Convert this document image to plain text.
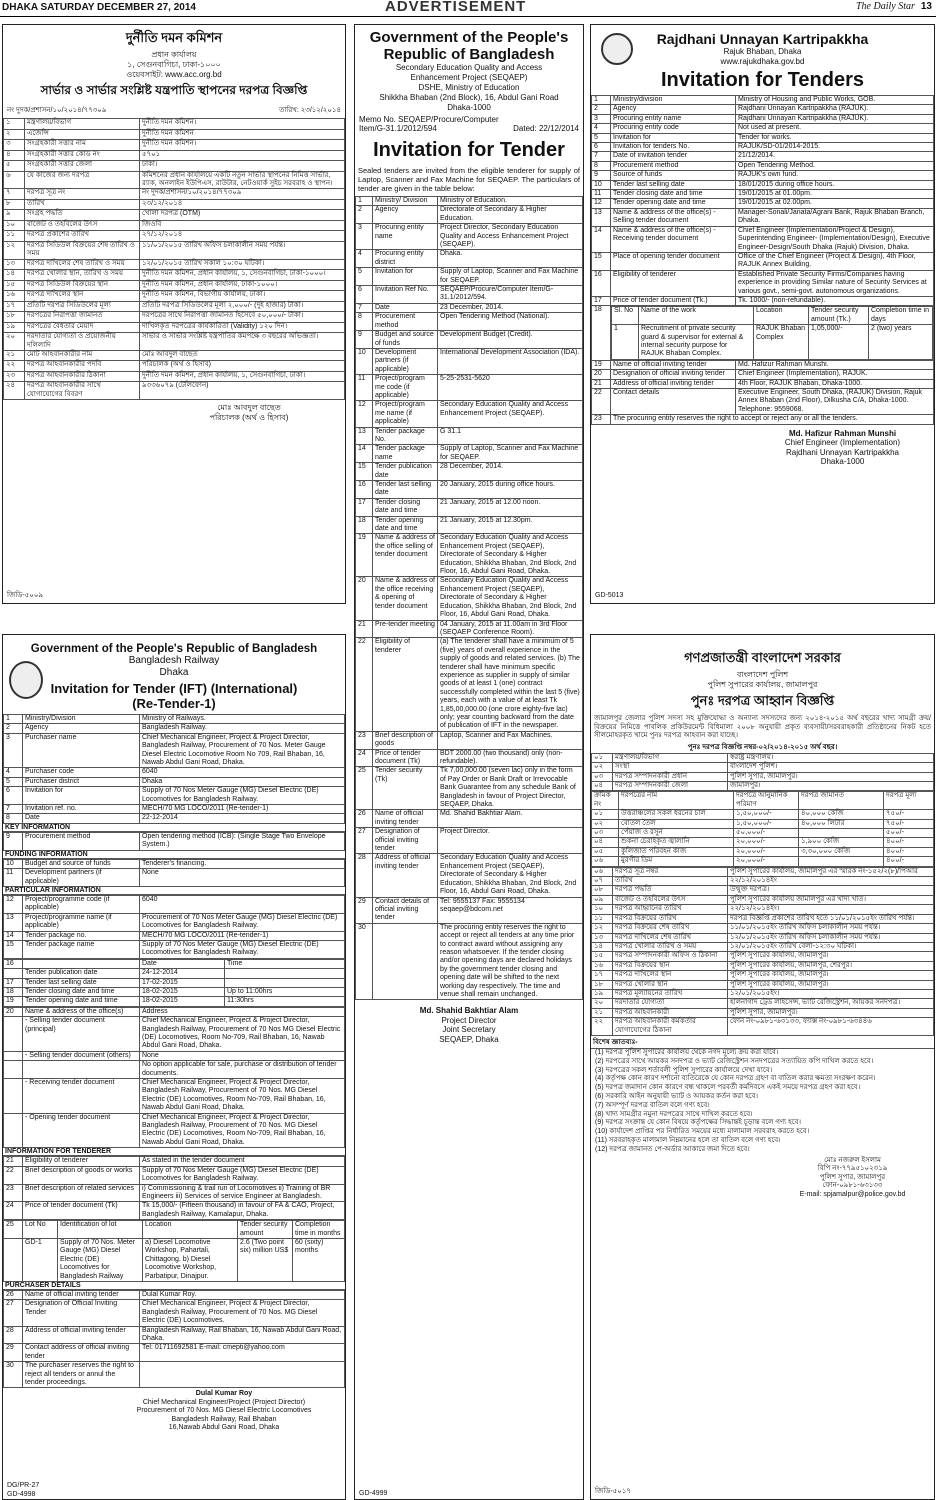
DHAKA SATURDAY DECEMBER 27, 2014	ADVERTISEMENT	The Daily Star 13
দুর্নীতি দমন কমিশন
প্রধান কার্যালয়
১, সেগুনবাগিচা, ঢাকা-১০০০
ওয়েবসাইট: www.acc.org.bd
সার্ভার ও সার্ভার সংশ্লিষ্ট যন্ত্রপাতি স্থাপনের দরপত্র বিজ্ঞপ্তি
নং দুদক/প্রশাসন/১০/২০১৪/৭৭৩০৯	তারিখ: ২৩/১২/২০১৪
১	মন্ত্রণালয়/বিভাগ	দুর্নীতি দমন কমিশন।
২	এজেন্সি	দুর্নীতি দমন কমিশন
৩	সংগ্রহকারী সত্তার নাম	দুর্নীতি দমন কমিশন।
৪	সংগ্রহকারী সত্তার কোড নং	৫৭০১
৫	সংগ্রহকারী সত্তার জেলা	ঢাকা।
৬	যে কাজের জন্য দরপত্র	কমিশনের প্রধান কার্যালয়ে একটি নতুন সার্ভার স্থাপনের নিমিত্ত সার্ভার, র‍্যাক, অনলাইন ইউপিএস, রাউটার, নেটওয়ার্ক সুইচ সরবরাহ ও স্থাপন।
৭	দরপত্র সূত্র নং	নং দুদক/প্রশাসন/১০/২০১৪/৭৭৩০৯
৮	তারিখ	২৩/১২/২০১৪
৯	সংগ্রহ পদ্ধতি	খোলা দরপত্র (OTM)
১০	বাজেট ও তহবিলের উৎস	জিওবি
১১	দরপত্র প্রকাশের তারিখ	২৭/১২/২০১৪
১২	দরপত্র সিডিউল বিক্রয়ের শেষ তারিখ ও সময়	১১/০১/২০১৫ তারিখ অফিস চলাকালীন সময় পর্যন্ত।
১৩	দরপত্র দাখিলের শেষ তারিখ ও সময়	১২/০১/২০১৫ তারিখ সকাল ১০:৩০ ঘটিকা।
১৪	দরপত্র খোলার স্থান, তারিখ ও সময়	দুর্নীতি দমন কমিশন, প্রধান কার্যালয়, ১, সেগুনবাগিচা, ঢাকা-১০০০।
১৫	দরপত্র সিডিউল বিক্রয়ের স্থান	দুর্নীতি দমন কমিশন, প্রধান কার্যালয়, ঢাকা-১০০০।
১৬	দরপত্র দাখিলের স্থান	দুর্নীতি দমন কমিশন, বিভাগীয় কার্যালয়, ঢাকা।
১৭	প্রতিটি দরপত্র সিডিউলের মূল্য	প্রতিটি দরপত্র সিডিউলের মূল্য ২,০০০/- (দুই হাজার) টাকা।
১৮	দরপত্রের নিরাপত্তা জামানত	দরপত্রের সাথে নিরাপত্তা জামানত হিসেবে ৫০,০০০/- টাকা।
১৯	দরপত্রের বৈধতার মেয়াদ	দাখিলকৃত দরপত্রের কার্যকারিতা (Validity) ১২০ দিন।
২০	দরদাতার যোগ্যতা ও প্রয়োজনীয় দলিলাদি	সার্ভার ও সার্ভার সংশ্লিষ্ট যন্ত্রপাতির কমপক্ষে ৩ বছরের অভিজ্ঞতা।
২১	মোট আহবানকারীর নাম	মোঃ আবদুল বাছেত
২২	দরপত্র আহবানকারীর পদবি	পরিচালক (অর্থ ও হিসাব)
২৩	দরপত্র আহবানকারীর ঠিকানা	দুর্নীতি দমন কমিশন, প্রধান কার্যালয়, ১, সেগুনবাগিচা, ঢাকা।
২৪	দরপত্র আহবানকারীর সাথে যোগাযোগের বিবরণ	৯৩৩৬০৭৯ (টেলিফোন)
মোঃ আবদুল বাছেত
পরিচালক (অর্থ ও হিসাব)
জিডি-৫০০৯
Government of the People's
Republic of Bangladesh
Secondary Education Quality and Access
Enhancement Project (SEQAEP)
DSHE, Ministry of Education
Shikkha Bhaban (2nd Block), 16, Abdul Gani Road
Dhaka-1000
Memo No. SEQAEP/Procure/Computer
Item/G-31.1/2012/594	Dated: 22/12/2014
Invitation for Tender
Sealed tenders are invited from the eligible tenderer for supply of Laptop, Scanner and Fax Machine for SEQAEP. The particulars of tender are given in the table below:
1	Ministry/ Division	Ministry of Education.
2	Agency	Directorate of Secondary & Higher Education.
3	Procuring entity name	Project Director, Secondary Education Quality and Access Enhancement Project (SEQAEP).
4	Procuring entity district	Dhaka.
5	Invitation for	Supply of Laptop, Scanner and Fax Machine for SEQAEP.
6	Invitation Ref No.	SEQAEP/Procure/Computer Item/G-31.1/2012/594.
7	Date	23 December, 2014.
8	Procurement method	Open Tendering Method (National).
9	Budget and source of funds	Development Budget (Credit).
10	Development partners (if applicable)	International Development Association (IDA).
11	Project/program me code (if applicable)	5-25-2531-5620
12	Project/program me name (if applicable)	Secondary Education Quality and Access Enhancement Project (SEQAEP).
13	Tender package No.	G 31.1
14	Tender package name	Supply of Laptop, Scanner and Fax Machine for SEQAEP.
15	Tender publication date	28 December, 2014.
16	Tender last selling date	20 January, 2015 during office hours.
17	Tender closing date and time	21 January, 2015 at 12.00 noon.
18	Tender opening date and time	21 January, 2015 at 12.30pm.
19	Name & address of the office selling of tender document	Secondary Education Quality and Access Enhancement Project (SEQAEP), Directorate of Secondary & Higher Education, Shikkha Bhaban, 2nd Block, 2nd Floor, 16, Abdul Gani Road, Dhaka.
20	Name & address of the office receiving & opening of tender document	Secondary Education Quality and Access Enhancement Project (SEQAEP), Directorate of Secondary & Higher Education, Shikkha Bhaban, 2nd Block, 2nd Floor, 16, Abdul Gani Road, Dhaka.
21	Pre-tender meeting	04 January, 2015 at 11.00am in 3rd Floor (SEQAEP Conference Room).
22	Eligibility of tenderer	(a) The tenderer shall have a minimum of 5 (five) years of overall experience in the supply of goods and related services. (b) The tenderer shall have minimum specific experience as supplier in supply of similar goods of at least 1 (one) contract successfully completed within the last 5 (five) years, each with a value of at least Tk 1,85,00,000.00 (one crore eighty-five lac) only; year counting backward from the date of publication of IFT in the newspaper.
23	Brief description of goods	Laptop, Scanner and Fax Machines.
24	Price of tender document (Tk)	BDT 2000.00 (two thousand) only (non-refundable).
25	Tender security (Tk)	Tk 7,00,000.00 (seven lac) only in the form of Pay Order or Bank Draft or Irrevocable Bank Guarantee from any schedule Bank of Bangladesh in favour of Project Director, SEQAEP, Dhaka.
26	Name of official inviting tender	Md. Shahid Bakhtiar Alam.
27	Designation of official inviting tender	Project Director.
28	Address of official inviting tender	Secondary Education Quality and Access Enhancement Project (SEQAEP), Directorate of Secondary & Higher Education, Shikkha Bhaban, 2nd Block, 2nd Floor, 16, Abdul Gani Road, Dhaka.
29	Contact details of official inviting tender	Tel: 9555137 Fax: 9555134 seqaep@bdcom.net
30		The procuring entity reserves the right to accept or reject all tenders at any time prior to contract award without assigning any reason whatsoever. If the tender closing and/or opening days are declared holidays by the government tender closing and opening date will be shifted to the next working day respectively. The time and venue shall remain unchanged.
Md. Shahid Bakhtiar Alam
Project Director
Joint Secretary
SEQAEP, Dhaka
GD-4999
Rajdhani Unnayan Kartripakkha
Rajuk Bhaban, Dhaka
www.rajukdhaka.gov.bd
Invitation for Tenders
1	Ministry/division	Ministry of Housing and Public Works, GOB.
2	Agency	Rajdhani Unnayan Kartripakkha (RAJUK).
3	Procuring entity name	Rajdhani Unnayan Kartripakkha (RAJUK).
4	Procuring entity code	Not used at present.
5	Invitation for	Tender for works.
6	Invitation for tenders No.	RAJUK/SD-01/2014-2015.
7	Date of invitation tender	21/12/2014.
8	Procurement method	Open Tendering Method.
9	Source of funds	RAJUK's own fund.
10	Tender last selling date	18/01/2015 during office hours.
11	Tender closing date and time	19/01/2015 at 01.00pm.
12	Tender opening date and time	19/01/2015 at 02.00pm.
13	Name & address of the office(s) - Selling tender document	Manager-Sonali/Janata/Agrani Bank, Rajuk Bhaban Branch, Dhaka.
14	Name & address of the office(s) - Receiving tender document	Chief Engineer (Implementation/Project & Design), Superintending Engineer- (Implementation/Design), Executive Engineer-Design/South Dhaka (Rajuk) Division, Dhaka.
15	Place of opening tender document	Office of the Chief Engineer (Project & Design), 4th Floor, RAJUK Annex Building.
16	Eligibility of tenderer	Established Private Security Firms/Companies having experience in providing Similar nature of Security Services at various govt., semi-govt. autonomous organizations.
17	Price of tender document (Tk.)	Tk. 1000/- (non-refundable).
18	Sl. No	Name of the work	Location	Tender security amount (Tk.)	Completion time in days
1	Recruitment of private security guard & supervisor for external & internal security purpose for RAJUK Bhaban Complex.	RAJUK Bhaban Complex	1,05,000/-	2 (two) years

19	Name of official inviting tender	Md. Hafizur Rahman Munshi.
20	Designation of official inviting tender	Chief Engineer (Implementation), RAJUK.
21	Address of official inviting tender	4th Floor, RAJUK Bhaban, Dhaka-1000.
22	Contact details	Executive Engineer, South Dhaka, (RAJUK) Division, Rajuk Annex Bhaban (2nd Floor), Dilkusha C/A, Dhaka-1000. Telephone: 9559068.
23	The procuring entity reserves the right to accept or reject any or all the tenders.
Md. Hafizur Rahman Munshi
Chief Engineer (Implementation)
Rajdhani Unnayan Kartripakkha
Dhaka-1000
GD-5013
Government of the People's Republic of Bangladesh
Bangladesh Railway
Dhaka
Invitation for Tender (IFT) (International)
(Re-Tender-1)
1	Ministry/Division	Ministry of Railways.
2	Agency	Bangladesh Railway.
3	Purchaser name	Chief Mechanical Engineer, Project & Project Director, Bangladesh Railway, Procurement of 70 Nos. Meter Gauge Diesel Electric Locomotive Room No 709, Rail Bhaban, 16, Nawab Abdul Gani Road, Dhaka.
4	Purchaser code	6040
5	Purchaser district	Dhaka
6	Invitation for	Supply of 70 Nos Meter Gauge (MG) Diesel Electric (DE) Locomotives for Bangladesh Railway.
7	Invitation ref. no.	MECH/70 MG LOCO/2011 (Re-tender-1)
8	Date	22-12-2014
KEY INFORMATION
9	Procurement method	Open tendering method (ICB): (Single Stage Two Envelope System.)
FUNDING INFORMATION
10	Budget and source of funds	Tenderer's financing.
11	Development partners (if applicable)	None
PARTICULAR INFORMATION
12	Project/programme code (if applicable)	6040
13	Project/programme name (if applicable)	Procurement of 70 Nos Meter Gauge (MG) Diesel Electric (DE) Locomotives for Bangladesh Railway.
14	Tender package no.	MECH/70 MG LOCO/2011 (Re-tender-1)
15	Tender package name	Supply of 70 Nos Meter Gauge (MG) Diesel Electric (DE) Locomotives for Bangladesh Railway.
16		Date	Time
	Tender publication date	24-12-2014	
17	Tender last selling date	17-02-2015	
18	Tender closing date and time	18-02-2015	Up to 11:00hrs
19	Tender opening date and time	18-02-2015	11:30hrs
20	Name & address of the office(s)	Address
	- Selling tender document (principal)	Chief Mechanical Engineer, Project & Project Director, Bangladesh Railway, Procurement of 70 Nos MG Diesel Electric (DE) Locomotives, Room No-709, Rail Bhaban, 16, Nawab Abdul Gani Road, Dhaka.
	- Selling tender document (others)	None
		No option applicable for sale, purchase or distribution of tender documents.
	- Receiving tender document	Chief Mechanical Engineer, Project & Project Director, Bangladesh Railway, Procurement of 70 Nos. MG Diesel Electric (DE) Locomotives, Room No-709, Rail Bhaban, 16, Nawab Abdul Gani Road, Dhaka.
	- Opening tender document	Chief Mechanical Engineer, Project & Project Director, Bangladesh Railway, Procurement of 70 Nos. MG Diesel Electric (DE) Locomotives, Room No-709, Rail Bhaban, 16, Nawab Abdul Gani Road, Dhaka.
INFORMATION FOR TENDERER
21	Eligibility of tenderer	As stated in the tender document
22	Brief description of goods or works	Supply of 70 Nos Meter Gauge (MG) Diesel Electric (DE) Locomotives for Bangladesh Railway.
23	Brief description of related services	i) Commissioning & trail run of Locomotives ii) Training of BR Engineers iii) Services of service Engineer at Bangladesh.
24	Price of tender document (Tk)	Tk 15,000/- (Fifteen thousand) in favour of FA & CAO, Project, Bangladesh Railway, Kamalapur, Dhaka.
25	Lot No	Identification of lot	Location	Tender security amount	Completion time in months
	GD-1	Supply of 70 Nos. Meter Gauge (MG) Diesel Electric (DE) Locomotives for Bangladesh Railway	a) Diesel Locomotive Workshop, Pahartali, Chittagong. b) Diesel Locomotive Workshop, Parbatipur, Dinajpur.	2.6 (Two point six) million US$	60 (sixty) months
PURCHASER DETAILS
26	Name of official inviting tender	Dulal Kumar Roy.
27	Designation of Official Inviting Tender	Chief Mechanical Engineer, Project & Project Director, Bangladesh Railway, Procurement of 70 Nos. MG Diesel Electric (DE) Locomotives.
28	Address of official inviting tender	Bangladesh Railway, Rail Bhaban, 16, Nawab Abdul Gani Road, Dhaka.
29	Contact address of official inviting tender	Tel: 01711692581 E-mail: cmepti@yahoo.com
30	The purchaser reserves the right to reject all tenders or annul the tender proceedings.	
Dulal Kumar Roy
Chief Mechanical Engineer/Project (Project Director)
Procurement of 70 Nos. MG Diesel Electric Locomotives
Bangladesh Railway, Rail Bhaban
16,Nawab Abdul Gani Road, Dhaka
DG/PR-27
GD-4998
গণপ্রজাতন্ত্রী বাংলাদেশ সরকার
বাংলাদেশ পুলিশ
পুলিশ সুপারের কার্যালয়, জামালপুর
পুনঃ দরপত্র আহ্বান বিজ্ঞপ্তি
জামালপুর জেলার পুলিশ সদস্য সহ মুক্তিযোদ্ধা ও অন্যান্য সদস্যদের জন্য ২০১৪-২০১৫ অর্থ বছরের খাদ্য সামগ্রী ক্রয়/বিক্রয়ের নিমিত্তে পাবলিক প্রকিউরমেন্ট বিধিমালা ২০০৮ অনুযায়ী প্রকৃত ব্যবসায়ী/সরবরাহকারী প্রতিষ্ঠানের নিকট হতে সীলমোহরকৃত খামে পুনঃ দরপত্র আহবান করা যাচ্ছে।
পুনঃ দরপত্র বিজ্ঞপ্তি নম্বর-০২/২০১৪-২০১৫ অর্থ বছর।
০১	মন্ত্রণালয়/বিভাগ	স্বরাষ্ট্র মন্ত্রণালয়।
০২	সংস্থা	বাংলাদেশ পুলিশ।
০৩	দরপত্র সম্পাদনকারী প্রধান	পুলিশ সুপার, জামালপুর।
০৪	দরপত্র সম্পাদনকারী জেলা	জামালপুর।
ক্রমিক নং	দরপত্রের নাম	দরপত্রে আনুমানিক পরিমাণ	দরপত্র জামানত	দরপত্র মূল্য
০১	উত্তরাঞ্চলের সকল ধরনের চাল	১,৫০,০০০/-	৪০,০০০ কেজি	৭৫০/-
০২	বোতল তৈল	১,৫০,০০০/-	৪০,০০০ লিটার	৭৫০/-
০৩	পেঁয়াজ ও রসুন	৫০,০০০/-		৫০০/-
০৪	শুকনা চেরাইকৃত জ্বালানি	২০,০০০/-	১,৯০০ কেজি	৪০০/-
০৫	কুলিজাত পরিবহন কাজ	২০,০০০/-	৩,৩০,০০০ কেজি	৪০০/-
০৬	মুরগীর ডিম	২০,০০০/-		৪০০/-
০৬	দরপত্র সূত্র নম্বর	পুলিশ সুপারের কার্যালয়, জামালপুর এর স্মারক নং-১৫২/২(৮)/পিআর
০৭	তারিখ	২২/১২/২০১৪ইং
০৮	দরপত্র পদ্ধতি	উন্মুক্ত দরপত্র।
০৯	বাজেট ও তহবিলের উৎস	পুলিশ সুপারের কার্যালয় জামালপুর এর খাদ্য খাত।
১০	দরপত্র আহ্বানের তারিখ	২২/১২/২০১৪ইং।
১১	দরপত্র বিক্রয়ের তারিখ	দরপত্র বিজ্ঞপ্তি প্রকাশের তারিখ হতে ১১/০১/২০১৫ইং তারিখ পর্যন্ত।
১২	দরপত্র বিক্রয়ের শেষ তারিখ	১১/০১/২০১৫ইং তারিখ অফিস চলাকালীন সময় পর্যন্ত।
১৩	দরপত্র দাখিলের শেষ তারিখ	১২/০১/২০১৫ইং তারিখ অফিস চলাকালীন সময় পর্যন্ত।
১৪	দরপত্র খোলার তারিখ ও সময়	১২/০১/২০১৫ইং তারিখ বেলা-১২:৩০ ঘটিকা।
১৫	দরপত্র সম্পাদনকারী অফিস ও ঠিকানা	পুলিশ সুপারের কার্যালয়, জামালপুর।
১৬	দরপত্র বিক্রয়ের স্থান	পুলিশ সুপারের কার্যালয়, জামালপুর, শেরপুর।
১৭	দরপত্র দাখিলের স্থান	পুলিশ সুপারের কার্যালয়, জামালপুর।
১৮	দরপত্র খোলার স্থান	পুলিশ সুপারের কার্যালয়, জামালপুর।
১৯	দরপত্র মূল্যায়নের তারিখ	১২/০১/২০১৫ইং।
২০	দরদাতার যোগ্যতা	হালনাগাদ ট্রেড লাইসেন্স, ভ্যাট রেজিস্ট্রেশন, আয়কর সনদপত্র।
২১	দরপত্র আহবানকারী	পুলিশ সুপার, জামালপুর।
২২	দরপত্র আহবানকারী কর্মকর্তার যোগাযোগের ঠিকানা	ফোন নং-০৯৮১-৬৩১৩৩, ফ্যাক্স নং-০৯৮১-৬৩৪৪৬
বিশেষ জ্ঞাতব্যঃ-
(1) দরপত্র পুলিশ সুপারের কার্যালয় থেকে নগদ মূল্যে ক্রয় করা যাবে।
(2) দরপত্রের সাথে আয়কর সনদপত্র ও ভ্যাট রেজিস্ট্রেশন সনদপত্রের সত্যায়িত কপি দাখিল করতে হবে।
(3) দরপত্রের সকল শর্তাবলী পুলিশ সুপারের কার্যালয়ে দেখা যাবে।
(4) কর্তৃপক্ষ কোন কারণ দর্শানো ব্যতিরেকে যে কোন দরপত্র গ্রহণ বা বাতিল করার ক্ষমতা সংরক্ষণ করেন।
(5) দরপত্র জমাদান কোন কারণে বন্ধ থাকলে পরবর্তী কর্মদিবসে একই সময়ে দরপত্র গ্রহণ করা হবে।
(6) সরকারি আইন অনুযায়ী ভ্যাট ও আয়কর কর্তন করা হবে।
(7) অসম্পূর্ণ দরপত্র বাতিল বলে গণ্য হবে।
(8) খাদ্য সামগ্রীর নমুনা দরপত্রের সাথে দাখিল করতে হবে।
(9) দরপত্র সংক্রান্ত যে কোন বিষয়ে কর্তৃপক্ষের সিদ্ধান্তই চূড়ান্ত বলে গণ্য হবে।
(10) কার্যাদেশ প্রাপ্তির পর নির্ধারিত সময়ের মধ্যে মালামাল সরবরাহ করতে হবে।
(11) সরবরাহকৃত মালামাল নিম্নমানের হলে তা বাতিল বলে গণ্য হবে।
(12) দরপত্র জামানত পে-অর্ডার আকারে জমা দিতে হবে।
মোঃ নজরুল ইসলাম
বিপি নং-৭৭৯৫১০২৩১৯
পুলিশ সুপার, জামালপুর
ফোন-০৯৮১-৬৩১৩৩
E-mail: spjamalpur@police.gov.bd
জিডি-৫০১৭
